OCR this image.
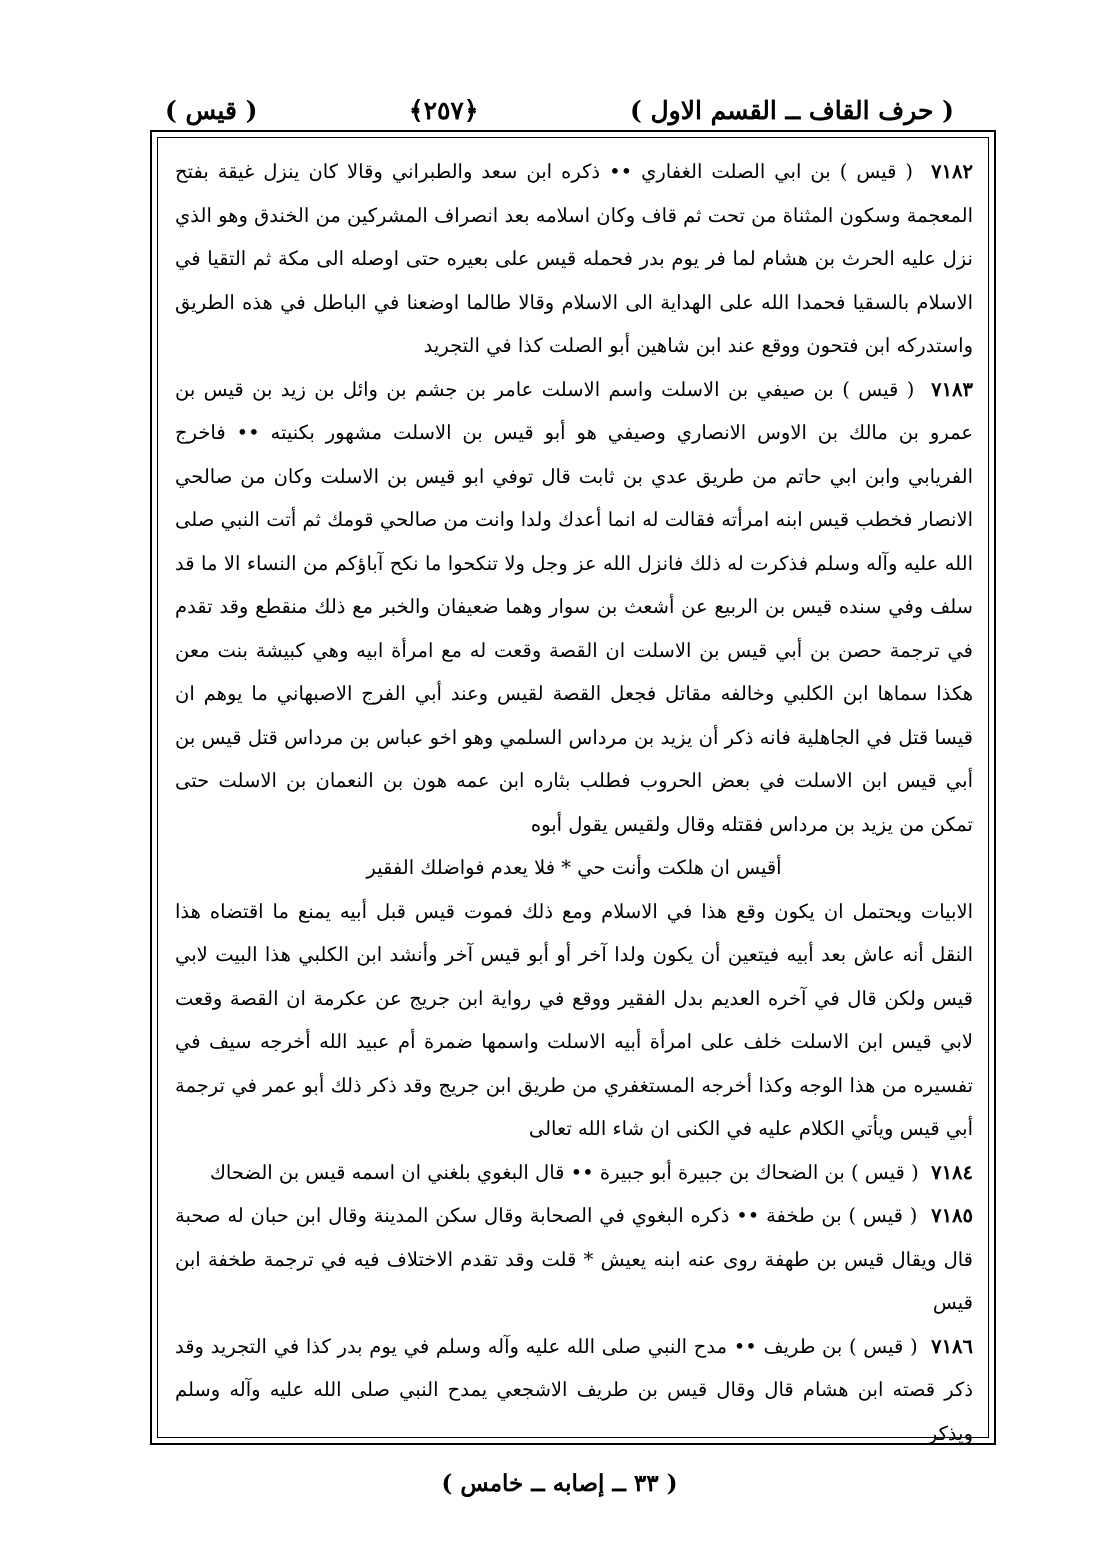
( حرف القاف ــ القسم الاول )
﴿٢٥٧﴾
( قيس )

٧١٨٢  ( قيس ) بن ابي الصلت الغفاري •• ذكره ابن سعد والطبراني وقالا كان ينزل غيقة بفتح المعجمة وسكون المثناة من تحت ثم قاف وكان اسلامه بعد انصراف المشركين من الخندق وهو الذي نزل عليه الحرث بن هشام لما فر يوم بدر فحمله قيس على بعيره حتى اوصله الى مكة ثم التقيا في الاسلام بالسقيا فحمدا الله على الهداية الى الاسلام وقالا طالما اوضعنا في الباطل في هذه الطريق واستدركه ابن فتحون ووقع عند ابن شاهين أبو الصلت كذا في التجريد

٧١٨٣  ( قيس ) بن صيفي بن الاسلت واسم الاسلت عامر بن جشم بن وائل بن زيد بن قيس بن عمرو بن مالك بن الاوس الانصاري وصيفي هو أبو قيس بن الاسلت مشهور بكنيته •• فاخرج الفريابي وابن ابي حاتم من طريق عدي بن ثابت قال توفي ابو قيس بن الاسلت وكان من صالحي الانصار فخطب قيس ابنه امرأته فقالت له انما أعدك ولدا وانت من صالحي قومك ثم أتت النبي صلى الله عليه وآله وسلم فذكرت له ذلك فانزل الله عز وجل ولا تنكحوا ما نكح آباؤكم من النساء الا ما قد سلف وفي سنده قيس بن الربيع عن أشعث بن سوار وهما ضعيفان والخبر مع ذلك منقطع وقد تقدم في ترجمة حصن بن أبي قيس بن الاسلت ان القصة وقعت له مع امرأة ابيه وهي كبيشة بنت معن هكذا سماها ابن الكلبي وخالفه مقاتل فجعل القصة لقيس وعند أبي الفرج الاصبهاني ما يوهم ان قيسا قتل في الجاهلية فانه ذكر أن يزيد بن مرداس السلمي وهو اخو عباس بن مرداس قتل قيس بن أبي قيس ابن الاسلت في بعض الحروب فطلب بثاره ابن عمه هون بن النعمان بن الاسلت حتى تمكن من يزيد بن مرداس فقتله وقال ولقيس يقول أبوه

أقيس ان هلكت وأنت حي * فلا يعدم فواضلك الفقير

الابيات ويحتمل ان يكون وقع هذا في الاسلام ومع ذلك فموت قيس قبل أبيه يمنع ما اقتضاه هذا النقل أنه عاش بعد أبيه فيتعين أن يكون ولدا آخر أو أبو قيس آخر وأنشد ابن الكلبي هذا البيت لابي قيس ولكن قال في آخره العديم بدل الفقير ووقع في رواية ابن جريج عن عكرمة ان القصة وقعت لابي قيس ابن الاسلت خلف على امرأة أبيه الاسلت واسمها ضمرة أم عبيد الله أخرجه سيف في تفسيره من هذا الوجه وكذا أخرجه المستغفري من طريق ابن جريج وقد ذكر ذلك أبو عمر في ترجمة أبي قيس ويأتي الكلام عليه في الكنى ان شاء الله تعالى

٧١٨٤  ( قيس ) بن الضحاك بن جبيرة أبو جبيرة •• قال البغوي بلغني ان اسمه قيس بن الضحاك

٧١٨٥  ( قيس ) بن طخفة •• ذكره البغوي في الصحابة وقال سكن المدينة وقال ابن حبان له صحبة قال ويقال قيس بن طهفة روى عنه ابنه يعيش * قلت وقد تقدم الاختلاف فيه في ترجمة طخفة ابن قيس

٧١٨٦  ( قيس ) بن طريف •• مدح النبي صلى الله عليه وآله وسلم في يوم بدر كذا في التجريد وقد ذكر قصته ابن هشام قال وقال قيس بن طريف الاشجعي يمدح النبي صلى الله عليه وآله وسلم ويذكر

( ٣٣ ــ إصابه ــ خامس )
